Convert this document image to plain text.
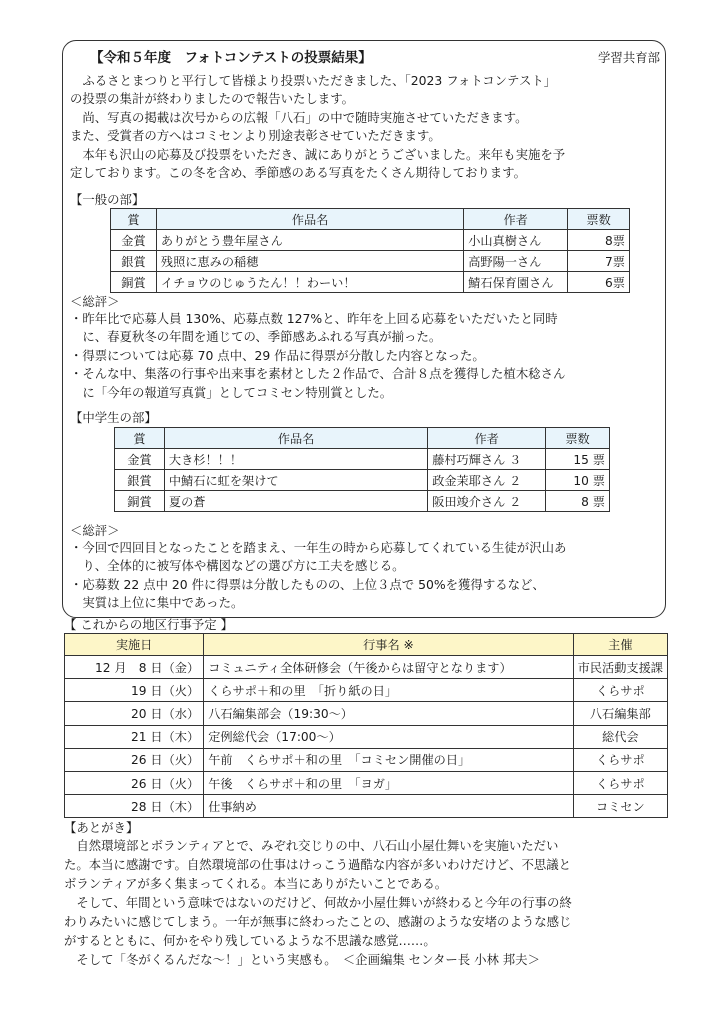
【令和５年度　フォトコンテストの投票結果】	学習共育部

　ふるさとまつりと平行して皆様より投票いただきました、「2023 フォトコンテスト」

の投票の集計が終わりましたので報告いたします。

　尚、写真の掲載は次号からの広報「八石」の中で随時実施させていただきます。

また、受賞者の方へはコミセンより別途表彰させていただきます。

　本年も沢山の応募及び投票をいただき、誠にありがとうございました。来年も実施を予

定しております。この冬を含め、季節感のある写真をたくさん期待しております。

【一般の部】
賞	作品名	作者	票数
金賞	ありがとう豊年屋さん	小山真樹さん	8票
銀賞	残照に恵みの稲穂	高野陽一さん	7票
銅賞	イチョウのじゅうたん！！わーい！	鯖石保育園さん	6票
＜総評＞

・昨年比で応募人員 130%、応募点数 127%と、昨年を上回る応募をいただいたと同時

　に、春夏秋冬の年間を通じての、季節感あふれる写真が揃った。

・得票については応募 70 点中、29 作品に得票が分散した内容となった。

・そんな中、集落の行事や出来事を素材とした２作品で、合計８点を獲得した植木稔さん

　に「今年の報道写真賞」としてコミセン特別賞とした。

【中学生の部】
賞	作品名	作者	票数
金賞	大き杉！！！	藤村巧輝さん ３	15 票
銀賞	中鯖石に虹を架けて	政金茉耶さん ２	10 票
銅賞	夏の蒼	阪田竣介さん ２	8 票
＜総評＞

・今回で四回目となったことを踏まえ、一年生の時から応募してくれている生徒が沢山あ

　り、全体的に被写体や構図などの選び方に工夫を感じる。

・応募数 22 点中 20 件に得票は分散したものの、上位３点で 50%を獲得するなど、

　実質は上位に集中であった。

【 これからの地区行事予定 】
実施日	行事名 ※	主催
12 月　8 日（金）	コミュニティ全体研修会（午後からは留守となります）	市民活動支援課
19 日（火）	くらサポ＋和の里　「折り紙の日」	くらサポ
20 日（水）	八石編集部会（19:30〜）	八石編集部
21 日（木）	定例総代会（17:00〜）	総代会
26 日（火）	午前　くらサポ＋和の里　「コミセン開催の日」	くらサポ
26 日（火）	午後　くらサポ＋和の里　「ヨガ」	くらサポ
28 日（木）	仕事納め	コミセン
【あとがき】

　自然環境部とボランティアとで、みぞれ交じりの中、八石山小屋仕舞いを実施いただい

た。本当に感謝です。自然環境部の仕事はけっこう過酷な内容が多いわけだけど、不思議と

ボランティアが多く集まってくれる。本当にありがたいことである。

　そして、年間という意味ではないのだけど、何故か小屋仕舞いが終わると今年の行事の終

わりみたいに感じてしまう。一年が無事に終わったことの、感謝のような安堵のような感じ

がするとともに、何かをやり残しているような不思議な感覚……。

　そして「冬がくるんだな〜！」という実感も。　＜企画編集 センター長 小林 邦夫＞
